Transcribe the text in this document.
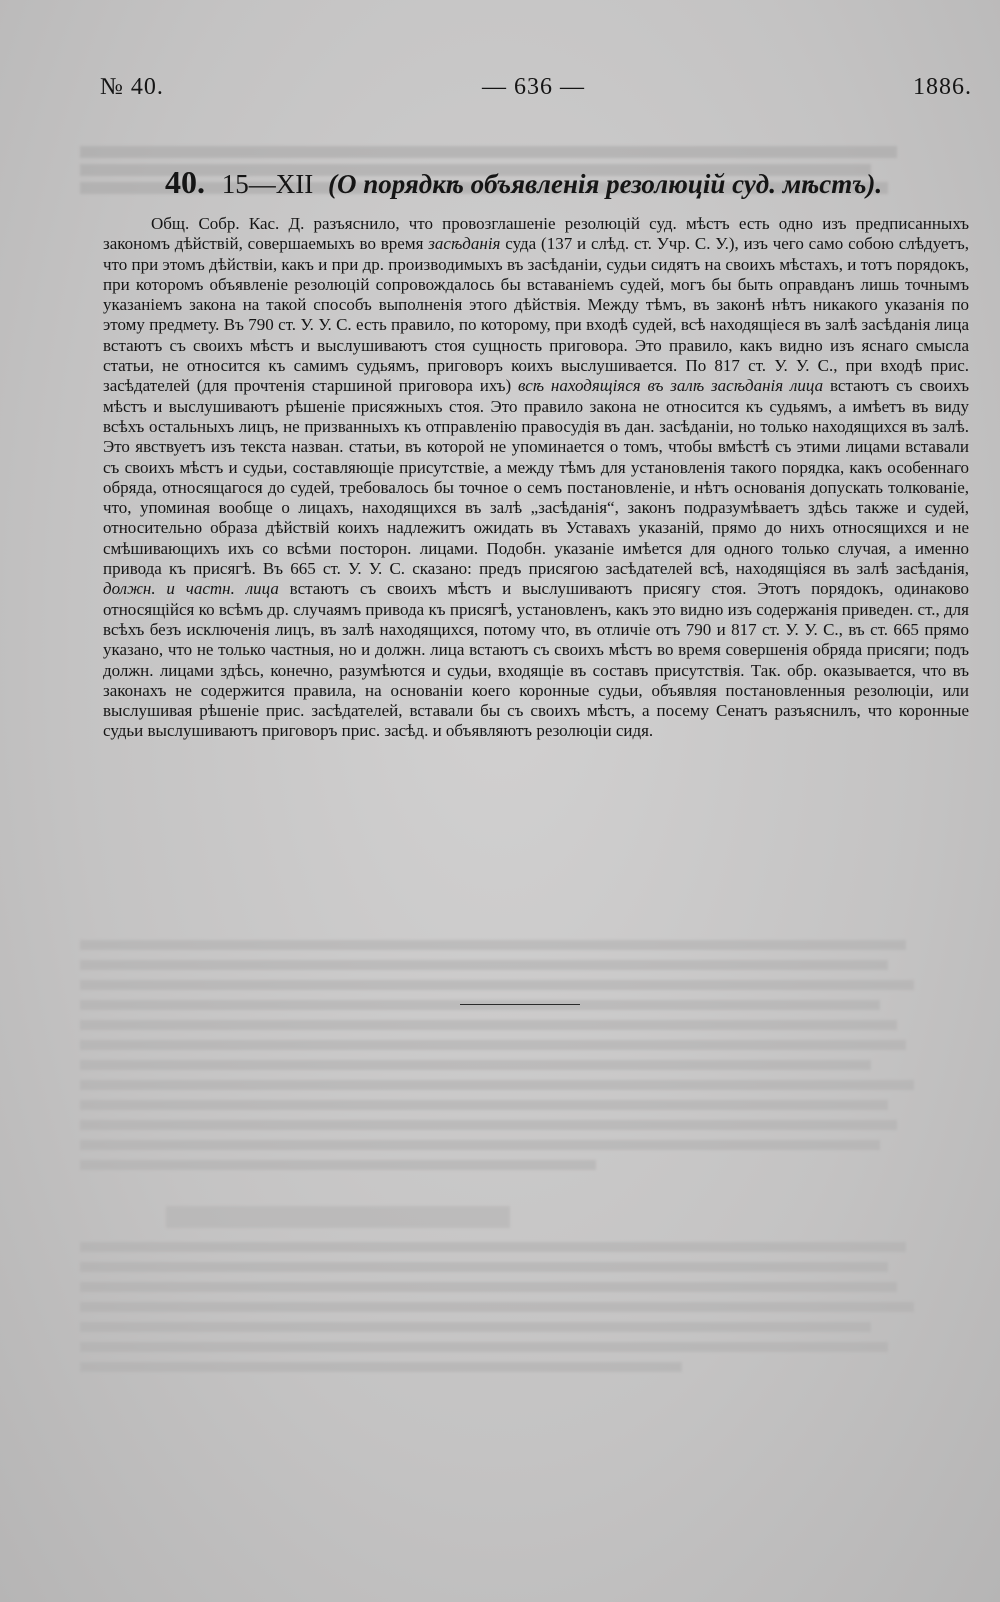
№ 40.	— 636 —	1886.
40. 15—XII (О порядкѣ объявленія резолюцій суд. мѣстъ).
Общ. Собр. Кас. Д. разъяснило, что провозглашеніе резолюцій суд. мѣстъ есть одно изъ предписанныхъ закономъ дѣйствій, совершаемыхъ во время засѣданія суда (137 и слѣд. ст. Учр. С. У.), изъ чего само собою слѣдуетъ, что при этомъ дѣйствіи, какъ и при др. производимыхъ въ засѣданіи, судьи сидятъ на своихъ мѣстахъ, и тотъ порядокъ, при которомъ объявленіе резолюцій сопровождалось бы вставаніемъ судей, могъ бы быть оправданъ лишь точнымъ указаніемъ закона на такой способъ выполненія этого дѣйствія. Между тѣмъ, въ законѣ нѣтъ никакого указанія по этому предмету. Въ 790 ст. У. У. С. есть правило, по которому, при входѣ судей, всѣ находящіеся въ залѣ засѣданія лица встаютъ съ своихъ мѣстъ и выслушиваютъ стоя сущность приговора. Это правило, какъ видно изъ яснаго смысла статьи, не относится къ самимъ судьямъ, приговоръ коихъ выслушивается. По 817 ст. У. У. С., при входѣ прис. засѣдателей (для прочтенія старшиной приговора ихъ) всѣ находящіяся въ залѣ засѣданія лица встаютъ съ своихъ мѣстъ и выслушиваютъ рѣшеніе присяжныхъ стоя. Это правило закона не относится къ судьямъ, а имѣетъ въ виду всѣхъ остальныхъ лицъ, не призванныхъ къ отправленію правосудія въ дан. засѣданіи, но только находящихся въ залѣ. Это явствуетъ изъ текста назван. статьи, въ которой не упоминается о томъ, чтобы вмѣстѣ съ этими лицами вставали съ своихъ мѣстъ и судьи, составляющіе присутствіе, а между тѣмъ для установленія такого порядка, какъ особеннаго обряда, относящагося до судей, требовалось бы точное о семъ постановленіе, и нѣтъ основанія допускать толкованіе, что, упоминая вообще о лицахъ, находящихся въ залѣ „засѣданія“, законъ подразумѣваетъ здѣсь также и судей, относительно образа дѣйствій коихъ надлежитъ ожидать въ Уставахъ указаній, прямо до нихъ относящихся и не смѣшивающихъ ихъ со всѣми посторон. лицами. Подобн. указаніе имѣется для одного только случая, а именно привода къ присягѣ. Въ 665 ст. У. У. С. сказано: предъ присягою засѣдателей всѣ, находящіяся въ залѣ засѣданія, должн. и частн. лица встаютъ съ своихъ мѣстъ и выслушиваютъ присягу стоя. Этотъ порядокъ, одинаково относящійся ко всѣмъ др. случаямъ привода къ присягѣ, установленъ, какъ это видно изъ содержанія приведен. ст., для всѣхъ безъ исключенія лицъ, въ залѣ находящихся, потому что, въ отличіе отъ 790 и 817 ст. У. У. С., въ ст. 665 прямо указано, что не только частныя, но и должн. лица встаютъ съ своихъ мѣстъ во время совершенія обряда присяги; подъ должн. лицами здѣсь, конечно, разумѣются и судьи, входящіе въ составъ присутствія. Так. обр. оказывается, что въ законахъ не содержится правила, на основаніи коего коронные судьи, объявляя постановленныя резолюціи, или выслушивая рѣшеніе прис. засѣдателей, вставали бы съ своихъ мѣстъ, а посему Сенатъ разъяснилъ, что коронные судьи выслушиваютъ приговоръ прис. засѣд. и объявляютъ резолюціи сидя.
